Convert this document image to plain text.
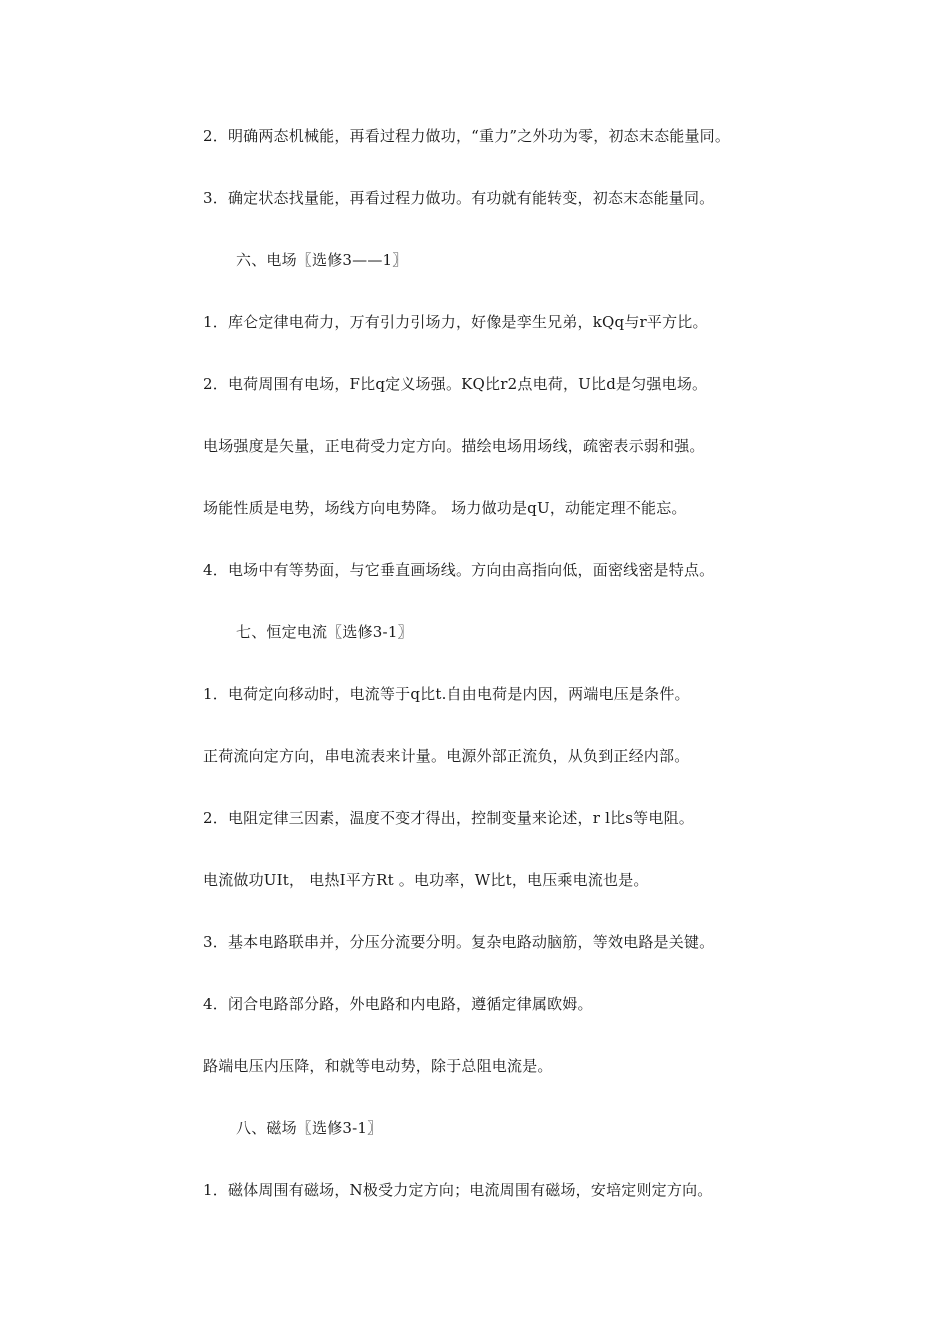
2．明确两态机械能，再看过程力做功，“重力”之外功为零，初态末态能量同。
3．确定状态找量能，再看过程力做功。有功就有能转变，初态末态能量同。
六、电场〖选修3——1〗
1．库仑定律电荷力，万有引力引场力，好像是孪生兄弟，kQq与r平方比。
2．电荷周围有电场，F比q定义场强。KQ比r2点电荷，U比d是匀强电场。
电场强度是矢量，正电荷受力定方向。描绘电场用场线，疏密表示弱和强。
场能性质是电势，场线方向电势降。 场力做功是qU，动能定理不能忘。
4．电场中有等势面，与它垂直画场线。方向由高指向低，面密线密是特点。
七、恒定电流〖选修3-1〗
1．电荷定向移动时，电流等于q比t.自由电荷是内因，两端电压是条件。
正荷流向定方向，串电流表来计量。电源外部正流负，从负到正经内部。
2．电阻定律三因素，温度不变才得出，控制变量来论述，r l比s等电阻。
电流做功UIt， 电热I平方Rt 。电功率，W比t，电压乘电流也是。
3．基本电路联串并，分压分流要分明。复杂电路动脑筋，等效电路是关键。
4．闭合电路部分路，外电路和内电路，遵循定律属欧姆。
路端电压内压降，和就等电动势，除于总阻电流是。
八、磁场〖选修3-1〗
1．磁体周围有磁场，N极受力定方向；电流周围有磁场，安培定则定方向。
